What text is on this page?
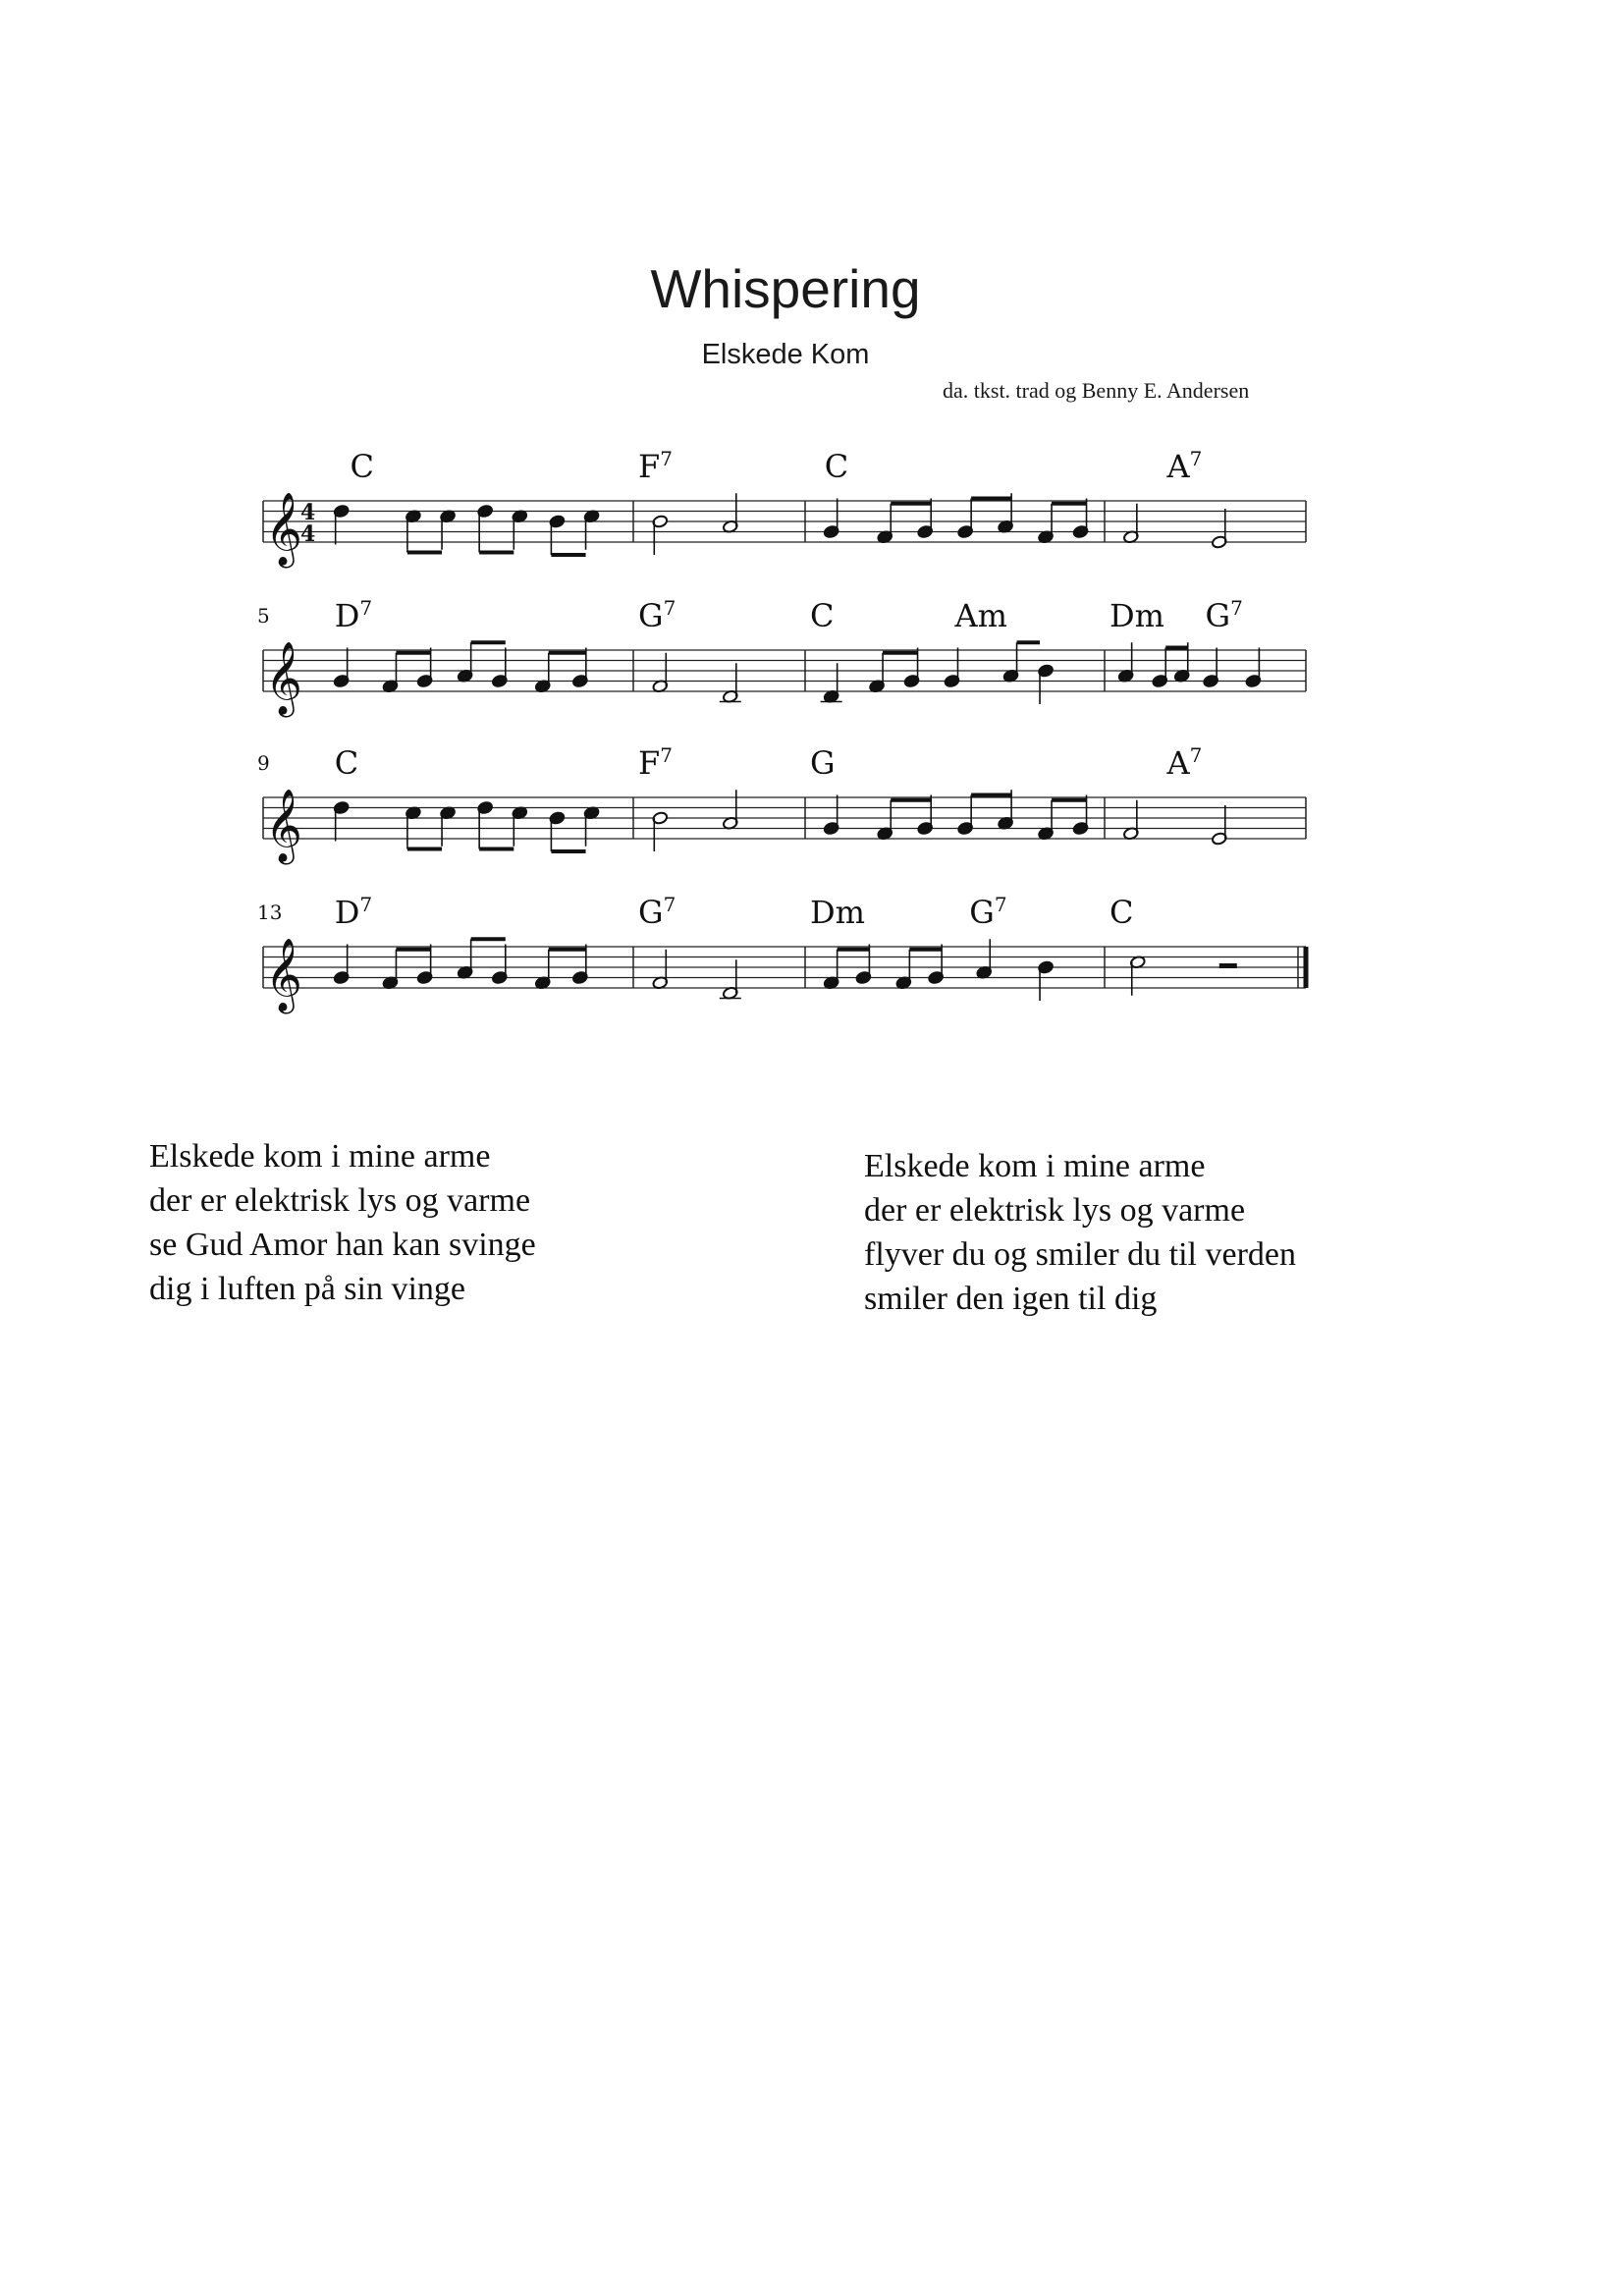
Whispering
Elskede Kom
da. tkst. trad og Benny E. Andersen
𝄞
4
4
C	$F^7$	C	$A^7$
𝄞
5 $D^7$	$G^7$	C	Am	Dm $G^7$
𝄞
9 C	$F^7$	G	$A^7$
𝄞
13 $D^7$	$G^7$	Dm	$G^7$	C
Elskede kom i mine arme
der er elektrisk lys og varme
se Gud Amor han kan svinge
dig i luften på sin vinge
Elskede kom i mine arme
der er elektrisk lys og varme
flyver du og smiler du til verden
smiler den igen til dig
